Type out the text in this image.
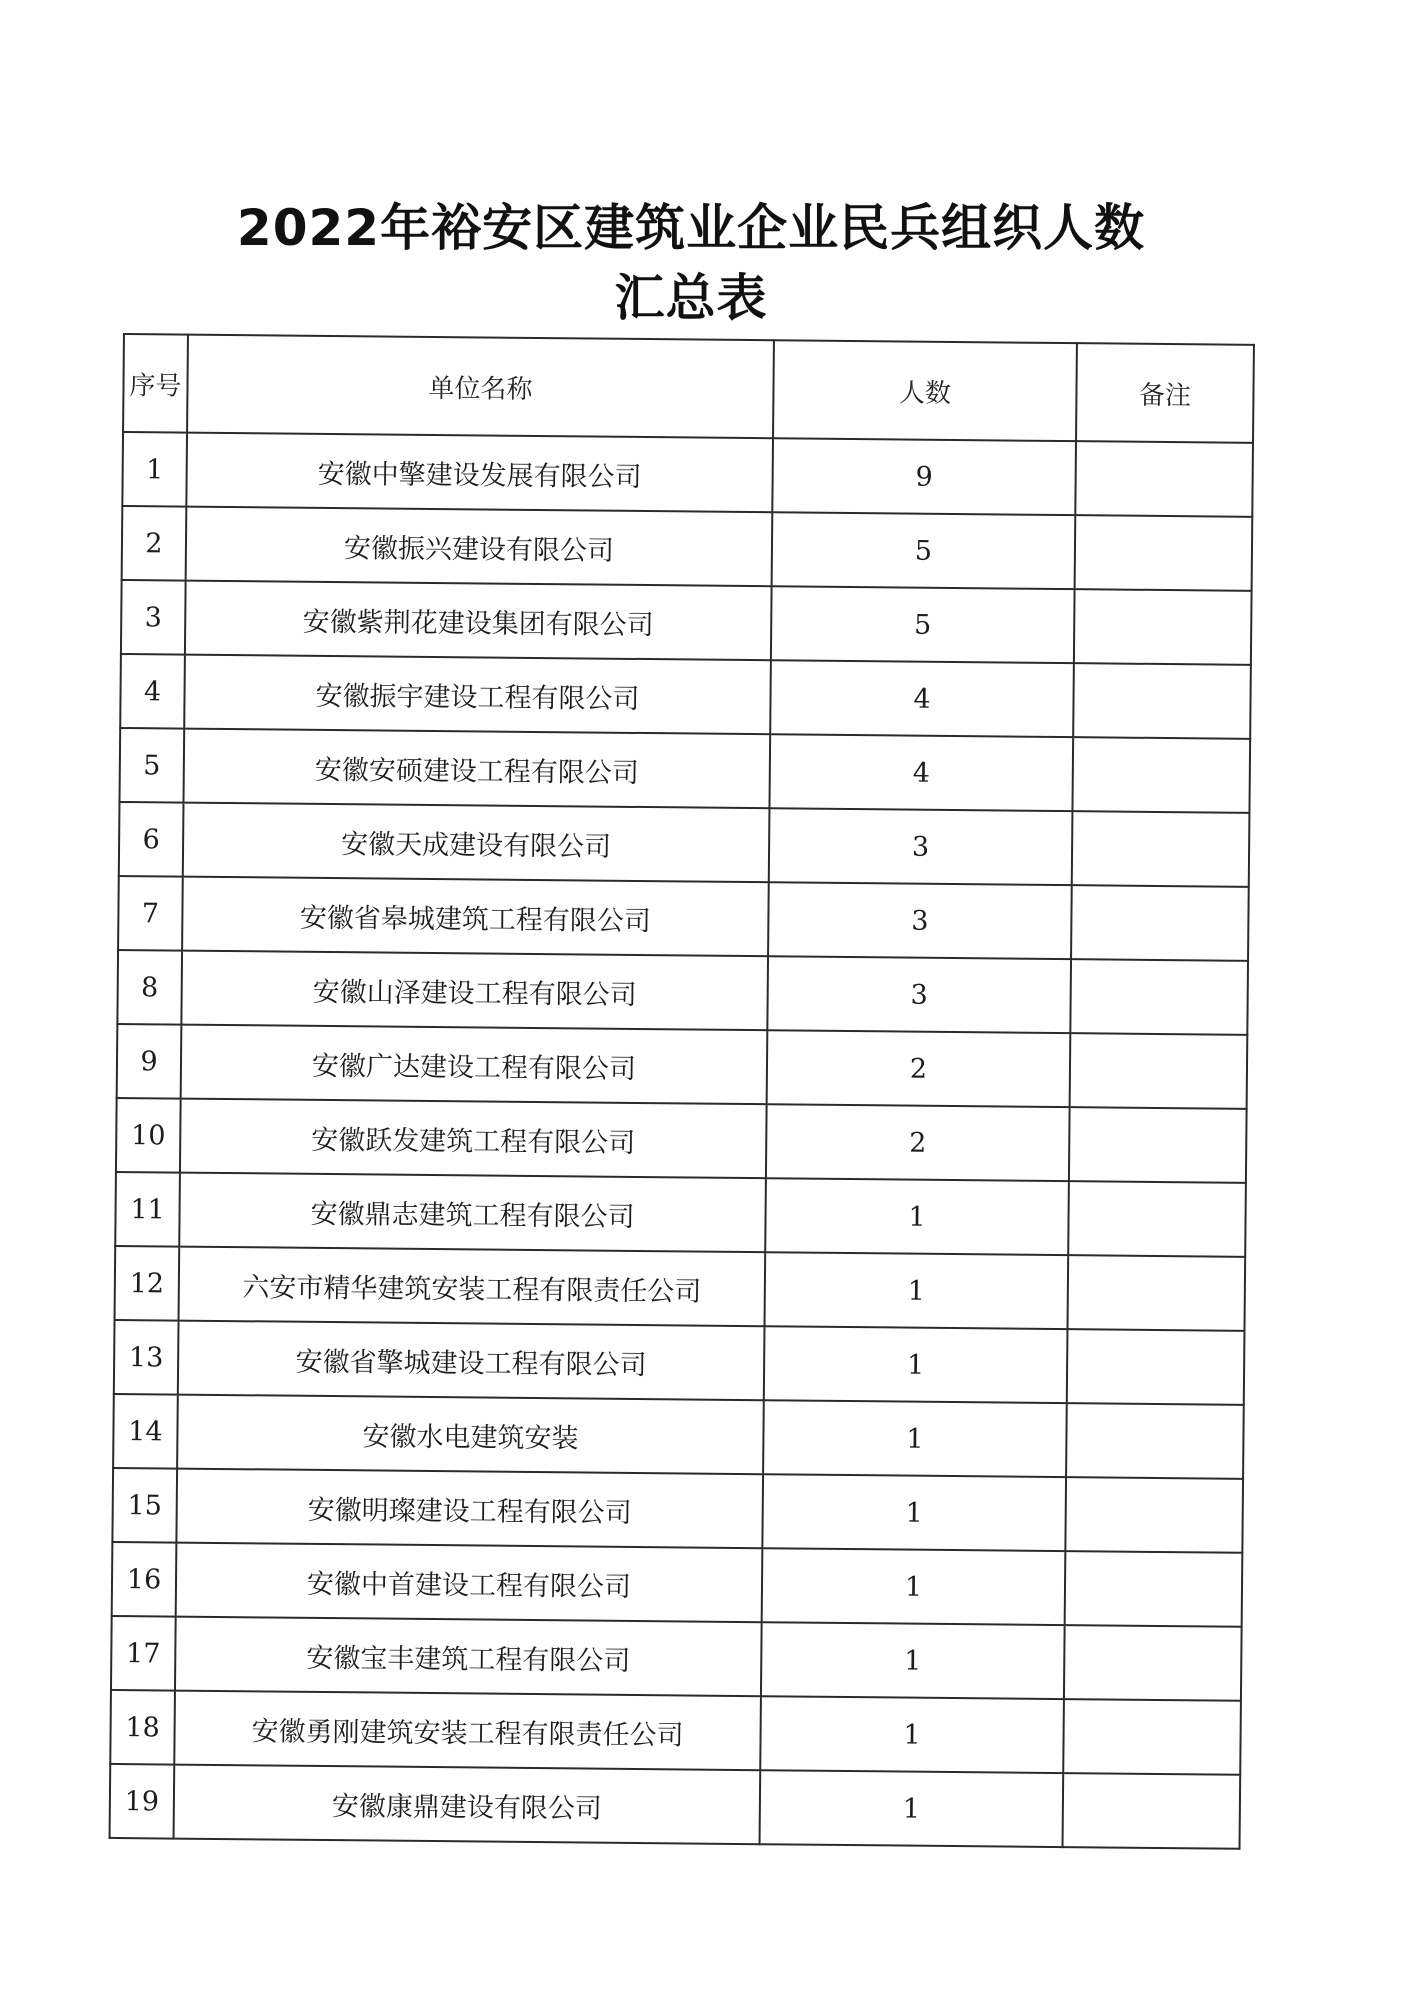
2022年裕安区建筑业企业民兵组织人数
汇总表
序号	单位名称	人数	备注
1	安徽中擎建设发展有限公司	9	
2	安徽振兴建设有限公司	5	
3	安徽紫荆花建设集团有限公司	5	
4	安徽振宇建设工程有限公司	4	
5	安徽安硕建设工程有限公司	4	
6	安徽天成建设有限公司	3	
7	安徽省皋城建筑工程有限公司	3	
8	安徽山泽建设工程有限公司	3	
9	安徽广达建设工程有限公司	2	
10	安徽跃发建筑工程有限公司	2	
11	安徽鼎志建筑工程有限公司	1	
12	六安市精华建筑安装工程有限责任公司	1	
13	安徽省擎城建设工程有限公司	1	
14	安徽水电建筑安装	1	
15	安徽明璨建设工程有限公司	1	
16	安徽中首建设工程有限公司	1	
17	安徽宝丰建筑工程有限公司	1	
18	安徽勇刚建筑安装工程有限责任公司	1	
19	安徽康鼎建设有限公司	1	
